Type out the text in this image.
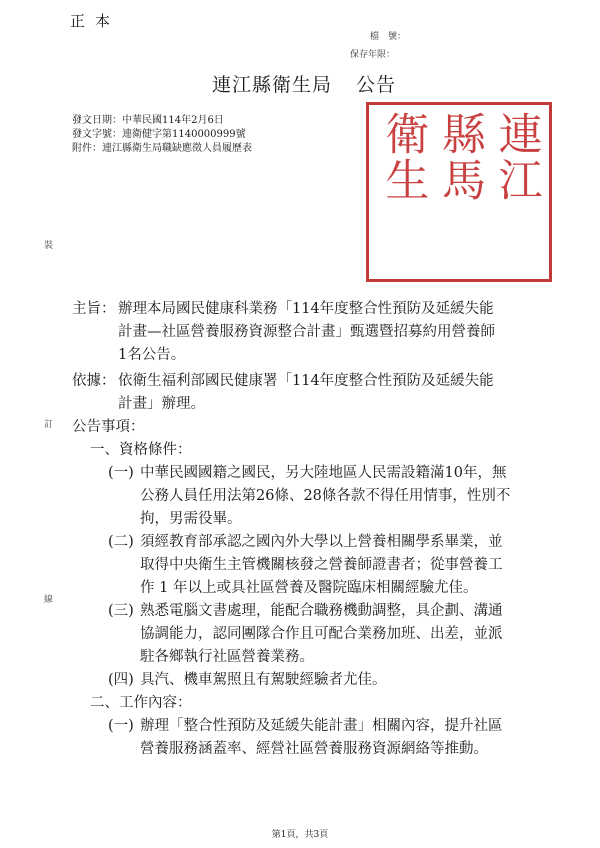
正本
檔　號：
保存年限：
連江縣衛生局 公告
發文日期：中華民國114年2月6日
發文字號：連衛健字第1140000999號
附件：連江縣衛生局職缺應徵人員履歷表
裝
訂
線
衛生 縣馬 連江
主旨： 辦理本局國民健康科業務「114年度整合性預防及延緩失能
計畫—社區營養服務資源整合計畫」甄選暨招募約用營養師
1名公告。
依據： 依衛生福利部國民健康署「114年度整合性預防及延緩失能
計畫」辦理。
公告事項：
一、資格條件：
(一) 中華民國國籍之國民，另大陸地區人民需設籍滿10年，無
公務人員任用法第26條、28條各款不得任用情事，性別不
拘，男需役畢。
(二) 須經教育部承認之國內外大學以上營養相關學系畢業，並
取得中央衛生主管機關核發之營養師證書者；從事營養工
作 1 年以上或具社區營養及醫院臨床相關經驗尤佳。
(三) 熟悉電腦文書處理，能配合職務機動調整，具企劃、溝通
協調能力，認同團隊合作且可配合業務加班、出差，並派
駐各鄉執行社區營養業務。
(四) 具汽、機車駕照且有駕駛經驗者尤佳。
二、工作內容：
(一) 辦理「整合性預防及延緩失能計畫」相關內容，提升社區
營養服務涵蓋率、經營社區營養服務資源網絡等推動。
第1頁，共3頁
